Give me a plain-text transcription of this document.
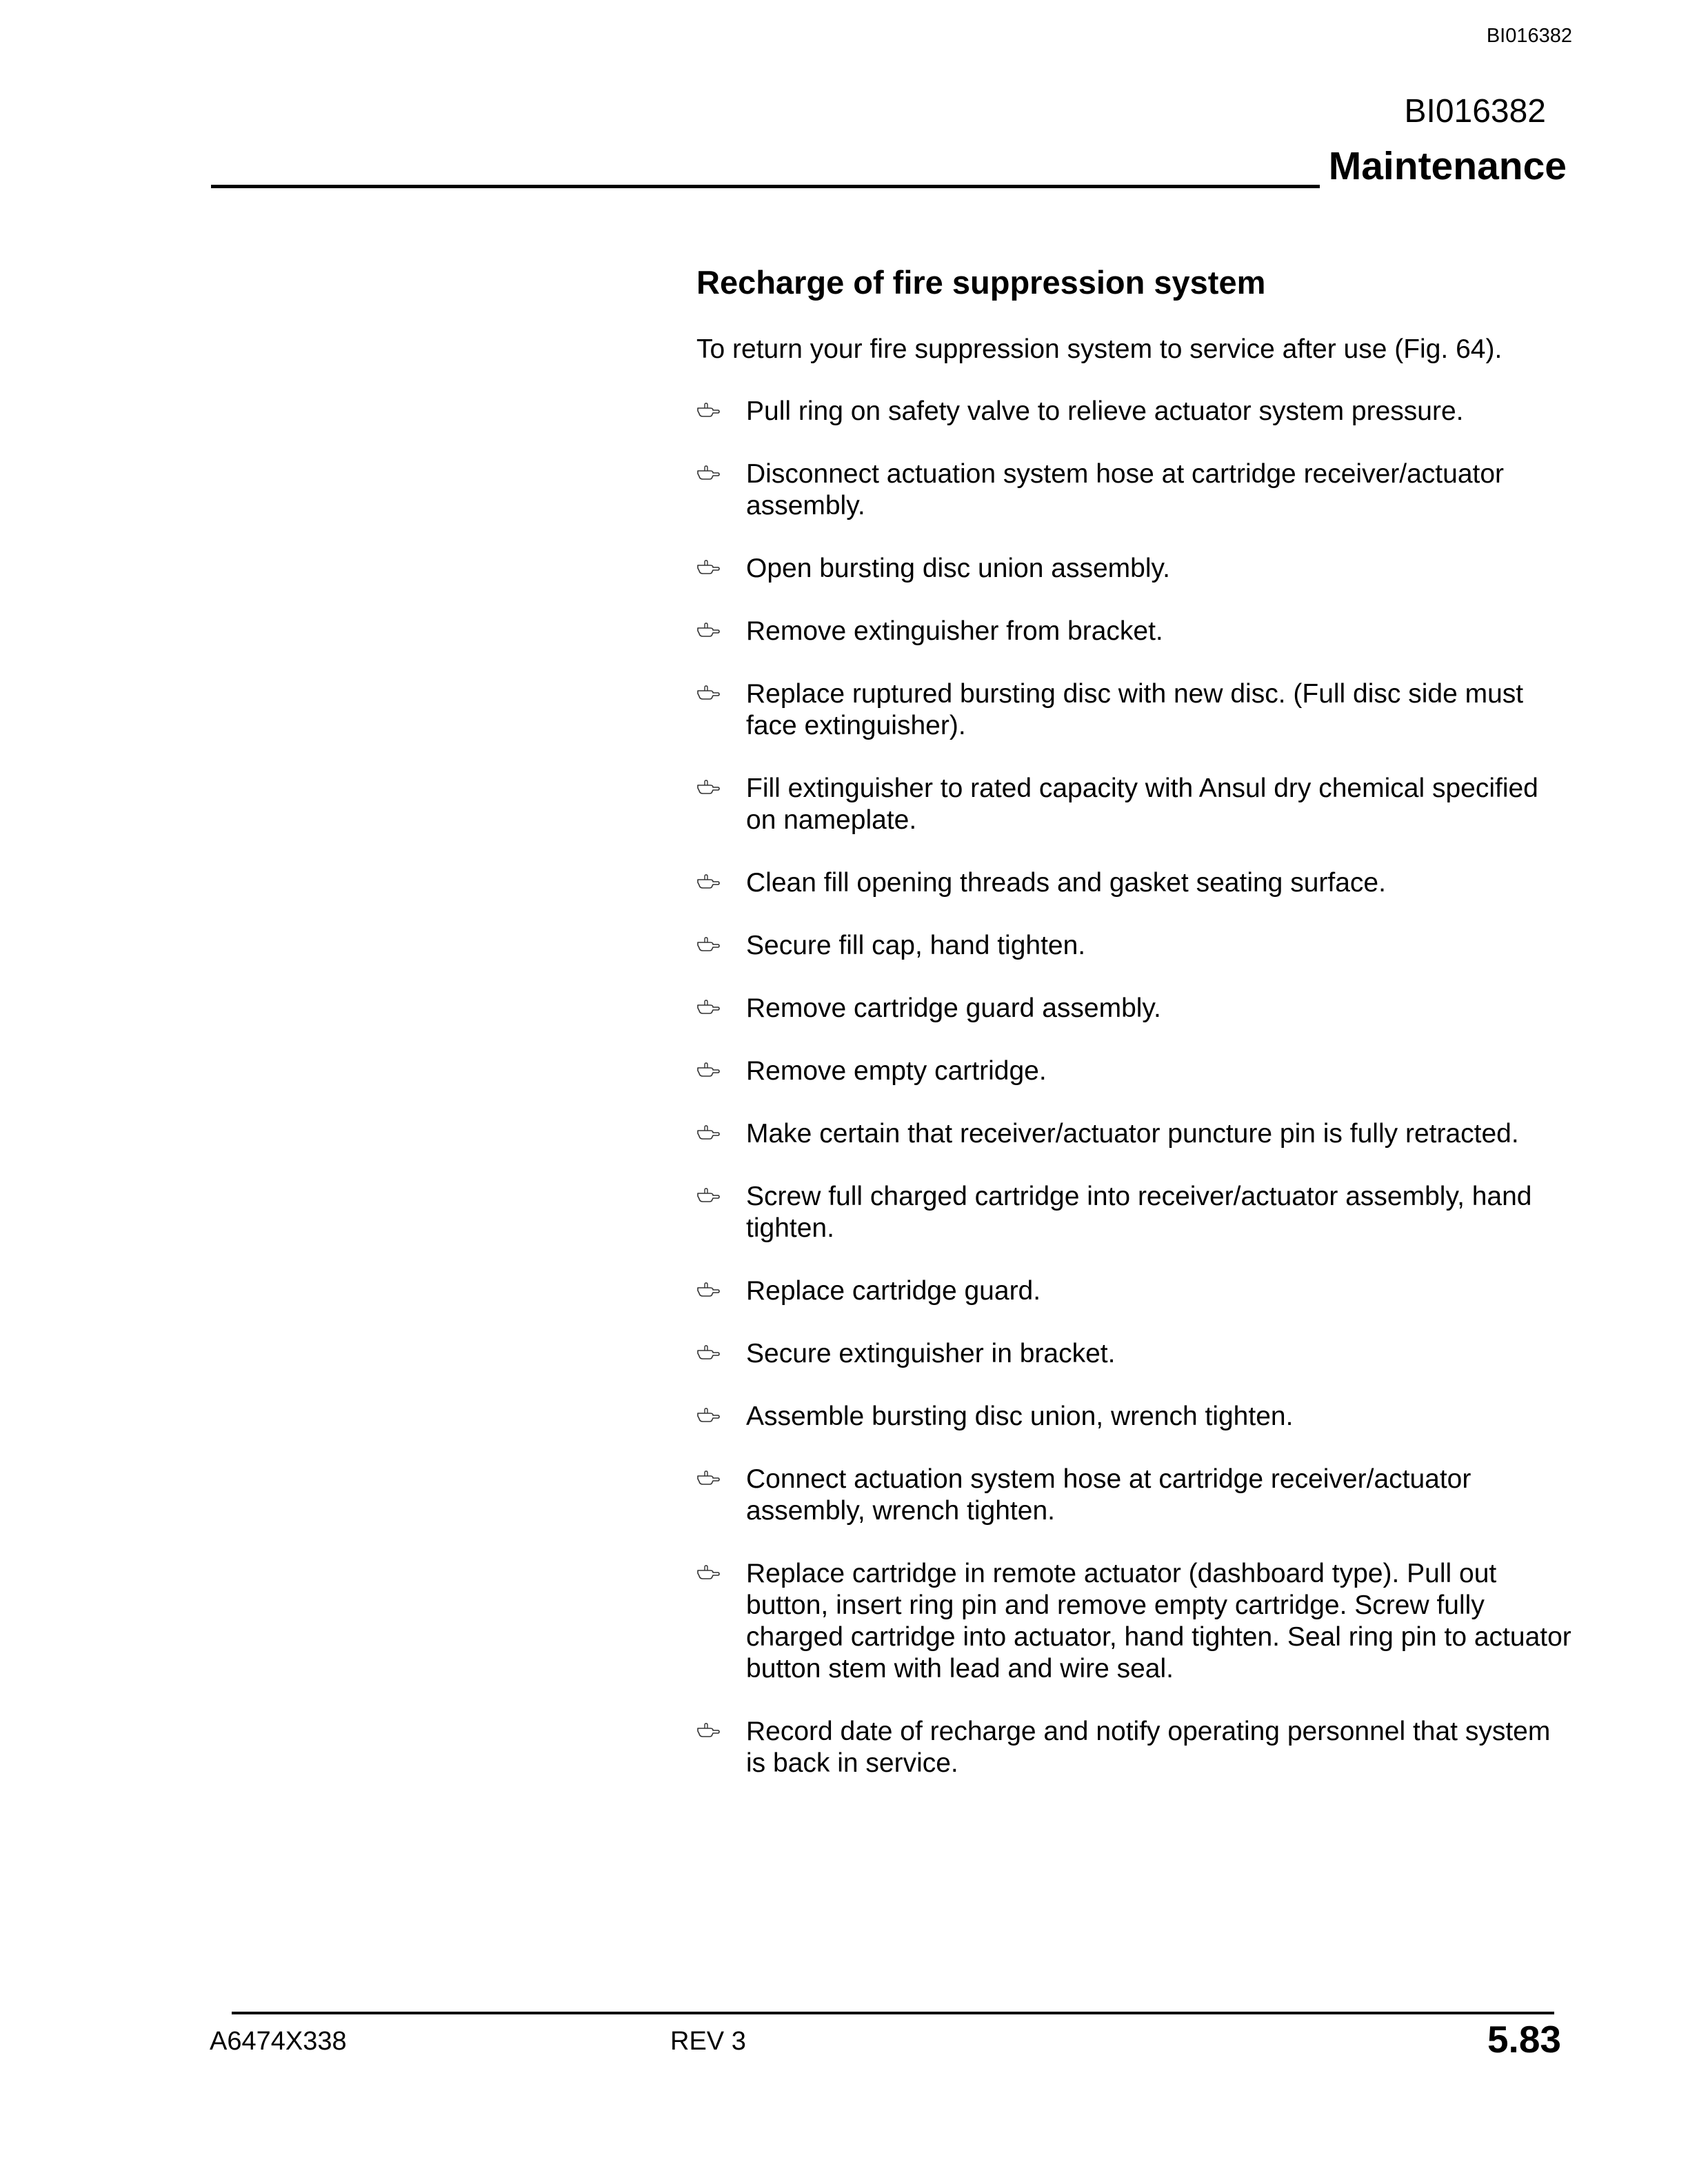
BI016382
BI016382
Maintenance
Recharge of fire suppression system
To return your fire suppression system to service after use (Fig. 64).
Pull ring on safety valve to relieve actuator system pressure.
Disconnect actuation system hose at cartridge receiver/actuator assembly.
Open bursting disc union assembly.
Remove extinguisher from bracket.
Replace ruptured bursting disc with new disc. (Full disc side must face extinguisher).
Fill extinguisher to rated capacity with Ansul dry chemical specified on nameplate.
Clean fill opening threads and gasket seating surface.
Secure fill cap, hand tighten.
Remove cartridge guard assembly.
Remove empty cartridge.
Make certain that receiver/actuator puncture pin is fully retracted.
Screw full charged cartridge into receiver/actuator assembly, hand tighten.
Replace cartridge guard.
Secure extinguisher in bracket.
Assemble bursting disc union, wrench tighten.
Connect actuation system hose at cartridge receiver/actuator assembly, wrench tighten.
Replace cartridge in remote actuator (dashboard type). Pull out button, insert ring pin and remove empty cartridge. Screw fully charged cartridge into actuator, hand tighten. Seal ring pin to actuator button stem with lead and wire seal.
Record date of recharge and notify operating personnel that system is back in service.
A6474X338	REV 3	5.83
